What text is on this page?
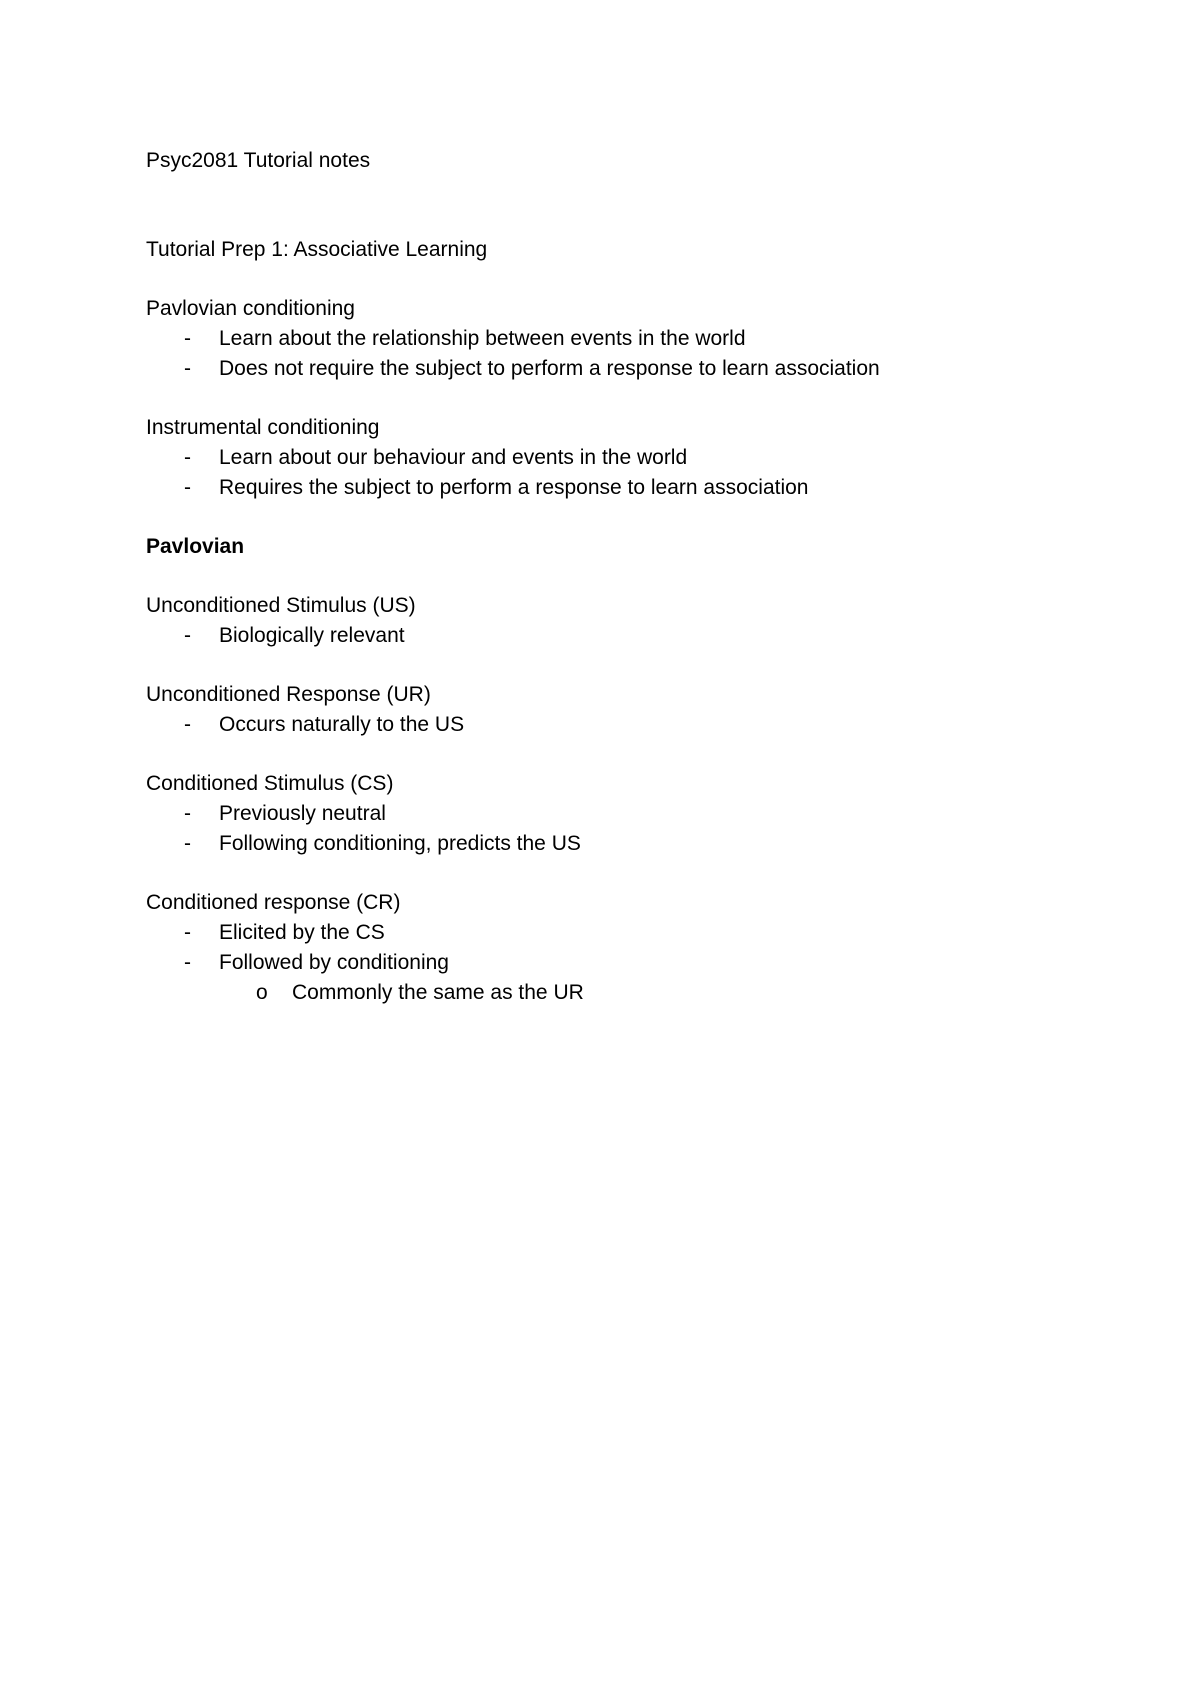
Psyc2081 Tutorial notes
Tutorial Prep 1: Associative Learning
Pavlovian conditioning
- Learn about the relationship between events in the world
- Does not require the subject to perform a response to learn association
Instrumental conditioning
- Learn about our behaviour and events in the world
- Requires the subject to perform a response to learn association
Pavlovian
Unconditioned Stimulus (US)
- Biologically relevant
Unconditioned Response (UR)
- Occurs naturally to the US
Conditioned Stimulus (CS)
- Previously neutral
- Following conditioning, predicts the US
Conditioned response (CR)
- Elicited by the CS
- Followed by conditioning
o Commonly the same as the UR
